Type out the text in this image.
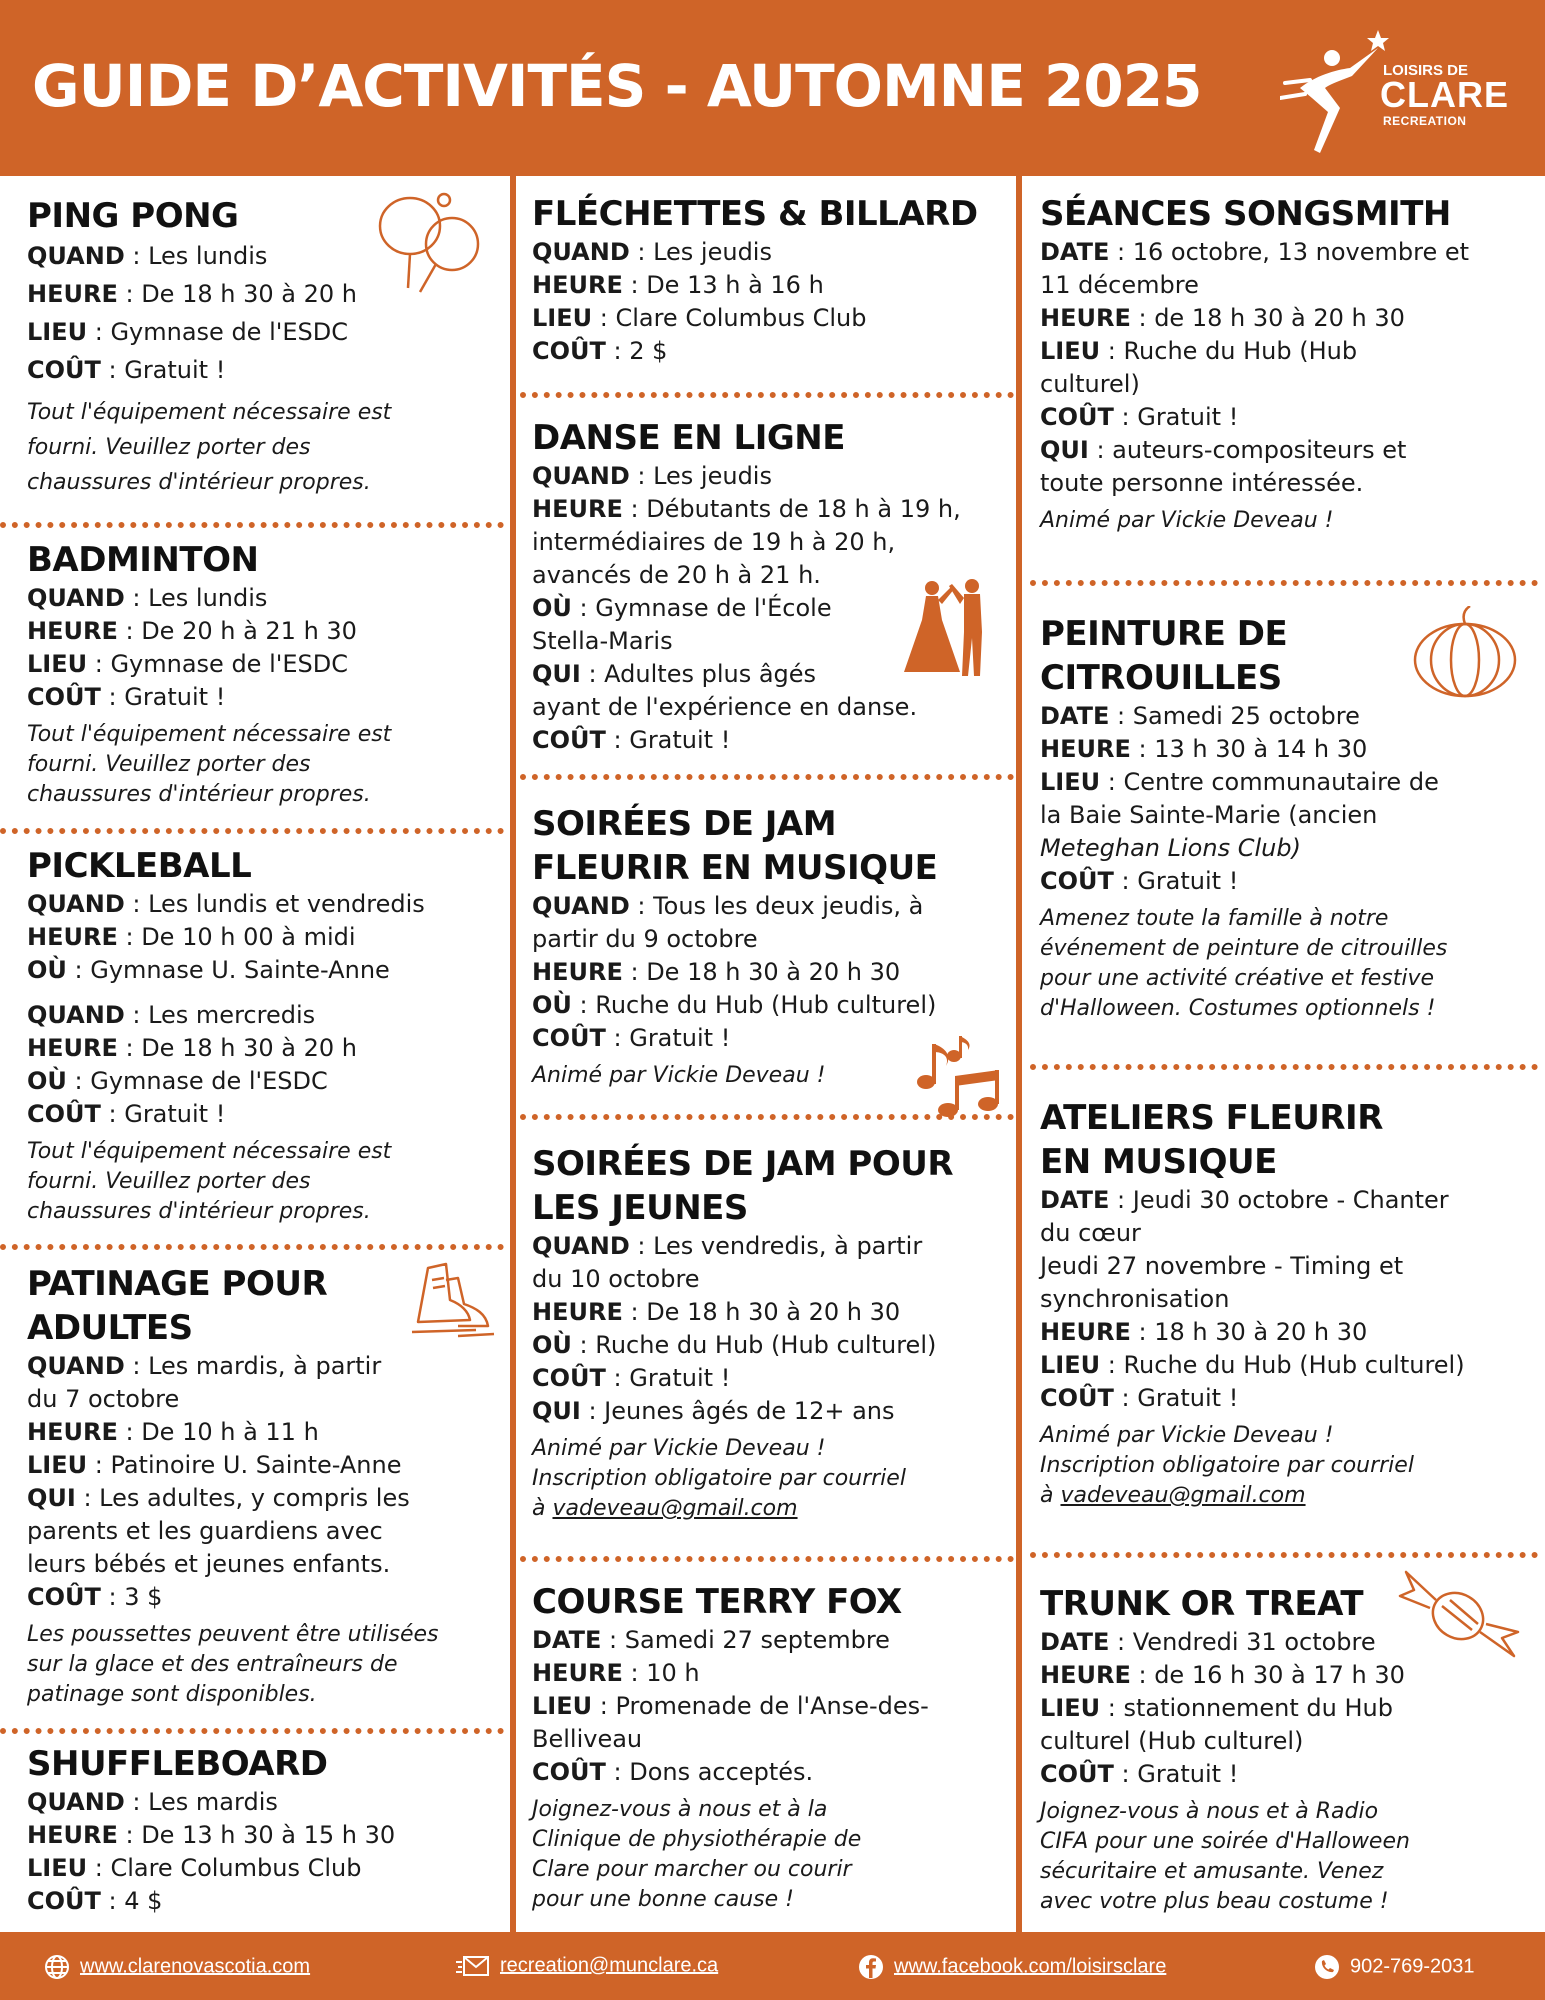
GUIDE D’ACTIVITÉS - AUTOMNE 2025	LOISIRS DE
CLARE
RECREATION
PING PONG
QUAND : Les lundis
HEURE : De 18 h 30 à 20 h
LIEU : Gymnase de l'ESDC
COÛT : Gratuit !
Tout l'équipement nécessaire est
fourni. Veuillez porter des
chaussures d'intérieur propres.
BADMINTON
QUAND : Les lundis
HEURE : De 20 h à 21 h 30
LIEU : Gymnase de l'ESDC
COÛT : Gratuit !
Tout l'équipement nécessaire est
fourni. Veuillez porter des
chaussures d'intérieur propres.
PICKLEBALL
QUAND : Les lundis et vendredis
HEURE : De 10 h 00 à midi
OÙ : Gymnase U. Sainte-Anne
QUAND : Les mercredis
HEURE : De 18 h 30 à 20 h
OÙ : Gymnase de l'ESDC
COÛT : Gratuit !
Tout l'équipement nécessaire est
fourni. Veuillez porter des
chaussures d'intérieur propres.
PATINAGE POUR
ADULTES
QUAND : Les mardis, à partir
du 7 octobre
HEURE : De 10 h à 11 h
LIEU : Patinoire U. Sainte-Anne
QUI : Les adultes, y compris les
parents et les guardiens avec
leurs bébés et jeunes enfants.
COÛT : 3 $
Les poussettes peuvent être utilisées
sur la glace et des entraîneurs de
patinage sont disponibles.
SHUFFLEBOARD
QUAND : Les mardis
HEURE : De 13 h 30 à 15 h 30
LIEU : Clare Columbus Club
COÛT : 4 $
FLÉCHETTES & BILLARD
QUAND : Les jeudis
HEURE : De 13 h à 16 h
LIEU : Clare Columbus Club
COÛT : 2 $
DANSE EN LIGNE
QUAND : Les jeudis
HEURE : Débutants de 18 h à 19 h,
intermédiaires de 19 h à 20 h,
avancés de 20 h à 21 h.
OÙ : Gymnase de l'École
Stella-Maris
QUI : Adultes plus âgés
ayant de l'expérience en danse.
COÛT : Gratuit !
SOIRÉES DE JAM
FLEURIR EN MUSIQUE
QUAND : Tous les deux jeudis, à
partir du 9 octobre
HEURE : De 18 h 30 à 20 h 30
OÙ : Ruche du Hub (Hub culturel)
COÛT : Gratuit !
Animé par Vickie Deveau !
SOIRÉES DE JAM POUR
LES JEUNES
QUAND : Les vendredis, à partir
du 10 octobre
HEURE : De 18 h 30 à 20 h 30
OÙ : Ruche du Hub (Hub culturel)
COÛT : Gratuit !
QUI : Jeunes âgés de 12+ ans
Animé par Vickie Deveau !
Inscription obligatoire par courriel
à vadeveau@gmail.com
COURSE TERRY FOX
DATE : Samedi 27 septembre
HEURE : 10 h
LIEU : Promenade de l'Anse-des-
Belliveau
COÛT : Dons acceptés.
Joignez-vous à nous et à la
Clinique de physiothérapie de
Clare pour marcher ou courir
pour une bonne cause !
SÉANCES SONGSMITH
DATE : 16 octobre, 13 novembre et
11 décembre
HEURE : de 18 h 30 à 20 h 30
LIEU : Ruche du Hub (Hub
culturel)
COÛT : Gratuit !
QUI : auteurs-compositeurs et
toute personne intéressée.
Animé par Vickie Deveau !
PEINTURE DE
CITROUILLES
DATE : Samedi 25 octobre
HEURE : 13 h 30 à 14 h 30
LIEU : Centre communautaire de
la Baie Sainte-Marie (ancien
Meteghan Lions Club)
COÛT : Gratuit !
Amenez toute la famille à notre
événement de peinture de citrouilles
pour une activité créative et festive
d'Halloween. Costumes optionnels !
ATELIERS FLEURIR
EN MUSIQUE
DATE : Jeudi 30 octobre - Chanter
du cœur
Jeudi 27 novembre - Timing et
synchronisation
HEURE : 18 h 30 à 20 h 30
LIEU : Ruche du Hub (Hub culturel)
COÛT : Gratuit !
Animé par Vickie Deveau !
Inscription obligatoire par courriel
à vadeveau@gmail.com
TRUNK OR TREAT
DATE : Vendredi 31 octobre
HEURE : de 16 h 30 à 17 h 30
LIEU : stationnement du Hub
culturel (Hub culturel)
COÛT : Gratuit !
Joignez-vous à nous et à Radio
CIFA pour une soirée d'Halloween
sécuritaire et amusante. Venez
avec votre plus beau costume !
www.clarenovascotia.com	recreation@munclare.ca	www.facebook.com/loisirsclare	902-769-2031
